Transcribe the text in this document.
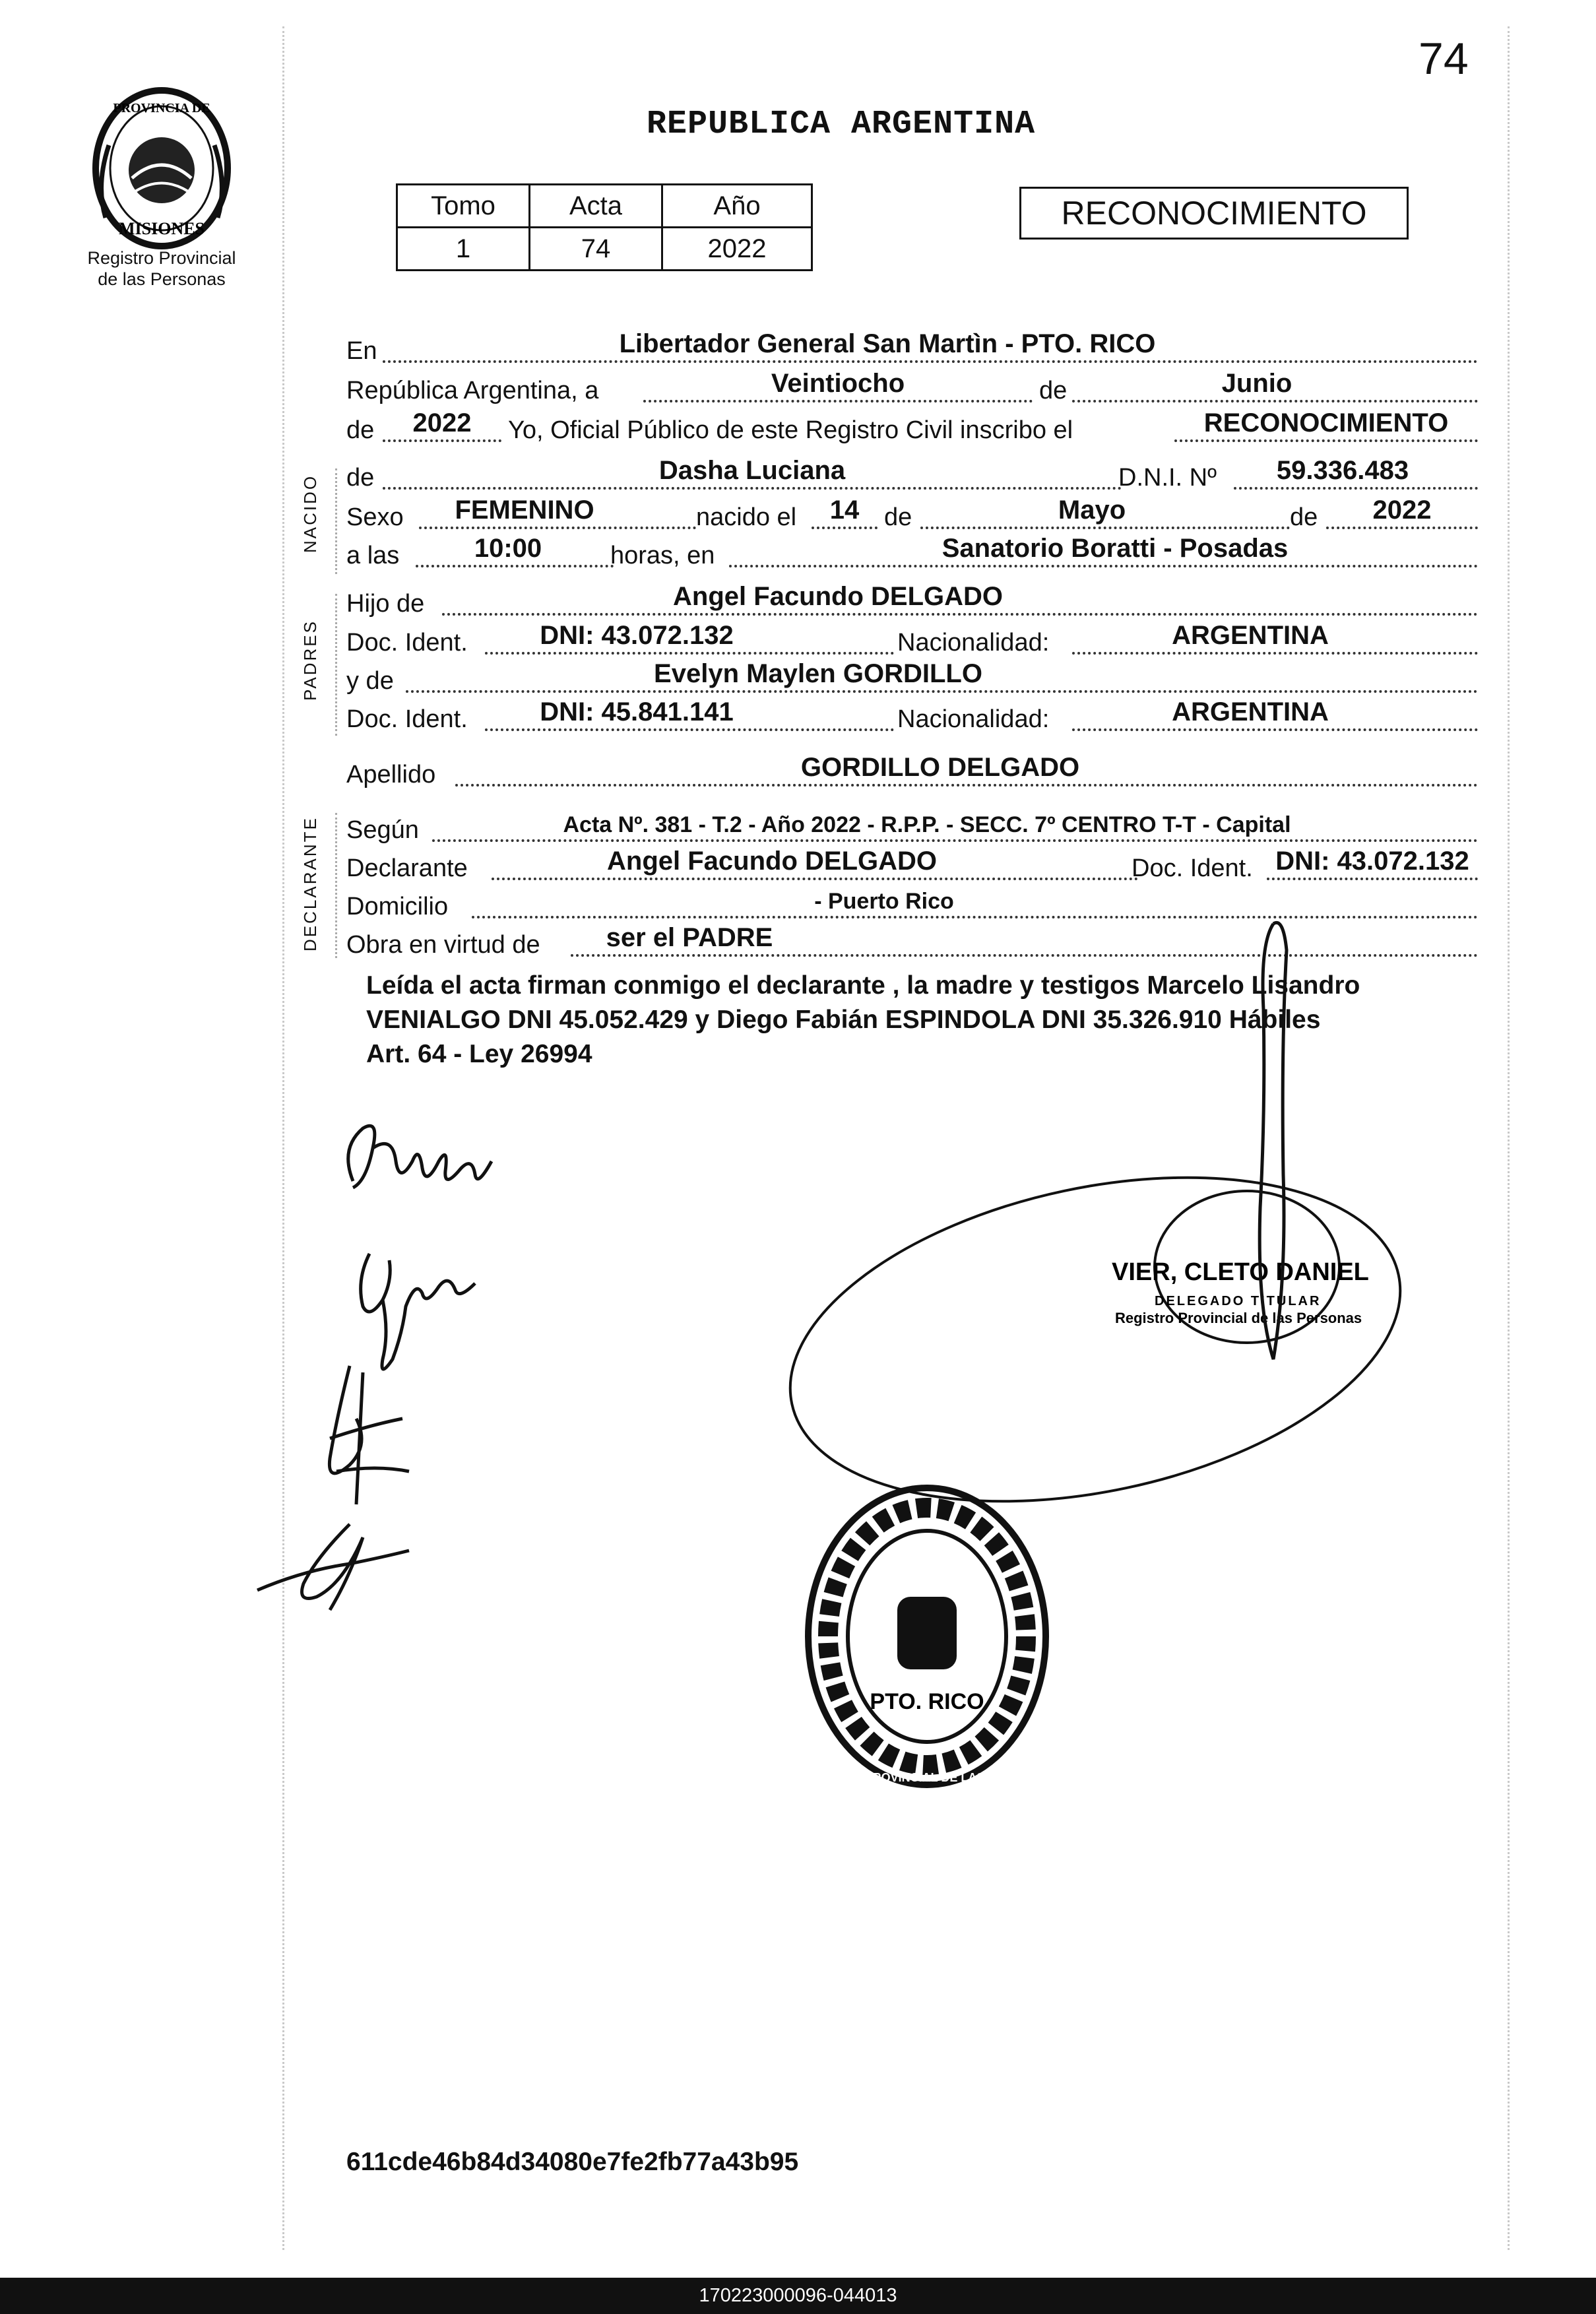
74
REPUBLICA ARGENTINA
PROVINCIA DE
MISIONES
Registro Provincial
de las Personas
Tomo	Acta	Año
1	74	2022
RECONOCIMIENTO
En	Libertador General San Martìn - PTO. RICO
República Argentina, a	Veintiocho	de	Junio
de	2022	Yo, Oficial Público de este Registro Civil inscribo el	RECONOCIMIENTO
de	Dasha Luciana	D.N.I. Nº	59.336.483
Sexo	FEMENINO	nacido el	14 de	Mayo	de	2022
a las	10:00	horas, en	Sanatorio Boratti - Posadas
Hijo de	Angel Facundo DELGADO
Doc. Ident.	DNI: 43.072.132	Nacionalidad:	ARGENTINA
y de	Evelyn Maylen GORDILLO
Doc. Ident.	DNI: 45.841.141	Nacionalidad:	ARGENTINA
Apellido	GORDILLO DELGADO
Según	Acta Nº. 381 - T.2 - Año 2022 - R.P.P. - SECC. 7º CENTRO T-T - Capital
Declarante	Angel Facundo DELGADO	Doc. Ident. DNI: 43.072.132
Domicilio	- Puerto Rico
Obra en virtud de	ser el PADRE
NACIDO
PADRES
DECLARANTE
Leída el acta firman conmigo el declarante , la madre y testigos Marcelo Lisandro
VENIALGO DNI 45.052.429 y Diego Fabián ESPINDOLA DNI 35.326.910 Hábiles
Art. 64 - Ley 26994
VIER, CLETO DANIEL
DELEGADO TITULAR
Registro Provincial de las Personas
PTO. RICO
REGISTRO PROVINCIAL DE LAS PERSONAS
611cde46b84d34080e7fe2fb77a43b95
170223000096-044013
